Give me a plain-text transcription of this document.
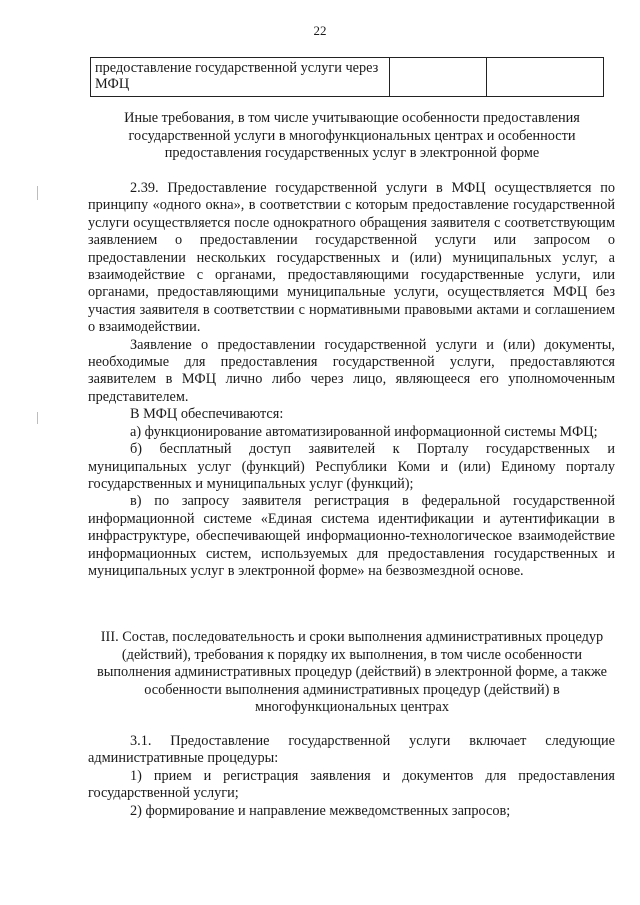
22
предоставление государственной услуги через МФЦ		
Иные требования, в том числе учитывающие особенности предоставления государственной услуги в многофункциональных центрах и особенности предоставления государственных услуг в электронной форме

2.39. Предоставление государственной услуги в МФЦ осуществляется по принципу «одного окна», в соответствии с которым предоставление государственной услуги осуществляется после однократного обращения заявителя с соответствующим заявлением о предоставлении государственной услуги или запросом о предоставлении нескольких государственных и (или) муниципальных услуг, а взаимодействие с органами, предоставляющими государственные услуги, или органами, предоставляющими муниципальные услуги, осуществляется МФЦ без участия заявителя в соответствии с нормативными правовыми актами и соглашением о взаимодействии.

Заявление о предоставлении государственной услуги и (или) документы, необходимые для предоставления государственной услуги, предоставляются заявителем в МФЦ лично либо через лицо, являющееся его уполномоченным представителем.

В МФЦ обеспечиваются:

а) функционирование автоматизированной информационной системы МФЦ;

б) бесплатный доступ заявителей к Порталу государственных и муниципальных услуг (функций) Республики Коми и (или) Единому порталу государственных и муниципальных услуг (функций);

в) по запросу заявителя регистрация в федеральной государственной информационной системе «Единая система идентификации и аутентификации в инфраструктуре, обеспечивающей информационно-технологическое взаимодействие информационных систем, используемых для предоставления государственных и муниципальных услуг в электронной форме» на безвозмездной основе.

III. Состав, последовательность и сроки выполнения административных процедур (действий), требования к порядку их выполнения, в том числе особенности выполнения административных процедур (действий) в электронной форме, а также особенности выполнения административных процедур (действий) в многофункциональных центрах

3.1. Предоставление государственной услуги включает следующие административные процедуры:

1) прием и регистрация заявления и документов для предоставления государственной услуги;

2) формирование и направление межведомственных запросов;
